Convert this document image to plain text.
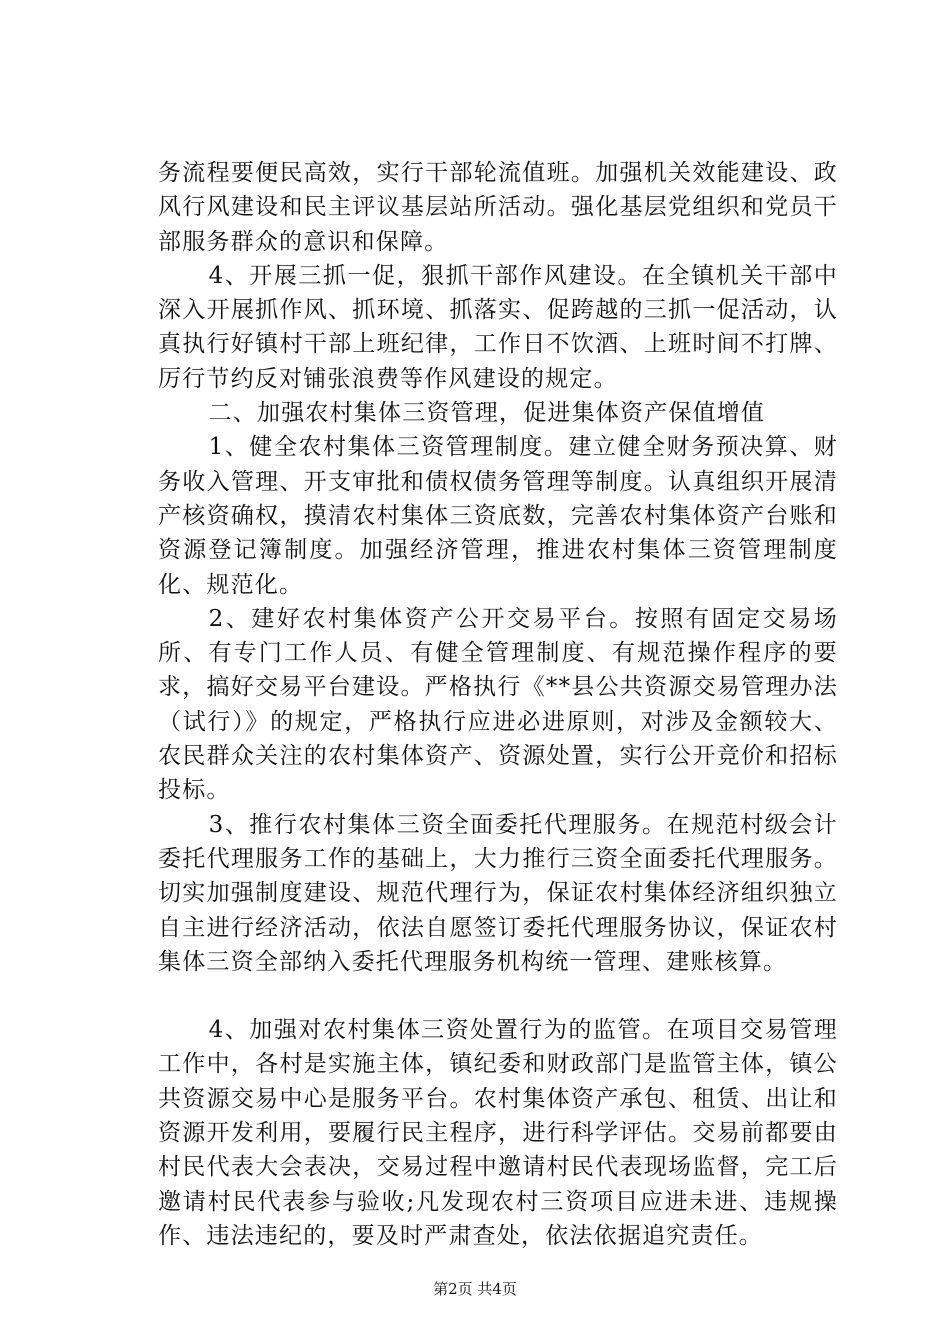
务流程要便民高效，实行干部轮流值班。加强机关效能建设、政风行风建设和民主评议基层站所活动。强化基层党组织和党员干部服务群众的意识和保障。

4、开展三抓一促，狠抓干部作风建设。在全镇机关干部中深入开展抓作风、抓环境、抓落实、促跨越的三抓一促活动，认真执行好镇村干部上班纪律，工作日不饮酒、上班时间不打牌、厉行节约反对铺张浪费等作风建设的规定。

二、加强农村集体三资管理，促进集体资产保值增值

1、健全农村集体三资管理制度。建立健全财务预决算、财务收入管理、开支审批和债权债务管理等制度。认真组织开展清产核资确权，摸清农村集体三资底数，完善农村集体资产台账和资源登记簿制度。加强经济管理，推进农村集体三资管理制度化、规范化。

2、建好农村集体资产公开交易平台。按照有固定交易场所、有专门工作人员、有健全管理制度、有规范操作程序的要求，搞好交易平台建设。严格执行《**县公共资源交易管理办法（试行）》的规定，严格执行应进必进原则，对涉及金额较大、农民群众关注的农村集体资产、资源处置，实行公开竞价和招标投标。

3、推行农村集体三资全面委托代理服务。在规范村级会计委托代理服务工作的基础上，大力推行三资全面委托代理服务。切实加强制度建设、规范代理行为，保证农村集体经济组织独立自主进行经济活动，依法自愿签订委托代理服务协议，保证农村集体三资全部纳入委托代理服务机构统一管理、建账核算。

4、加强对农村集体三资处置行为的监管。在项目交易管理工作中，各村是实施主体，镇纪委和财政部门是监管主体，镇公共资源交易中心是服务平台。农村集体资产承包、租赁、出让和资源开发利用，要履行民主程序，进行科学评估。交易前都要由村民代表大会表决，交易过程中邀请村民代表现场监督，完工后邀请村民代表参与验收;凡发现农村三资项目应进未进、违规操作、违法违纪的，要及时严肃查处，依法依据追究责任。

第2页 共4页
